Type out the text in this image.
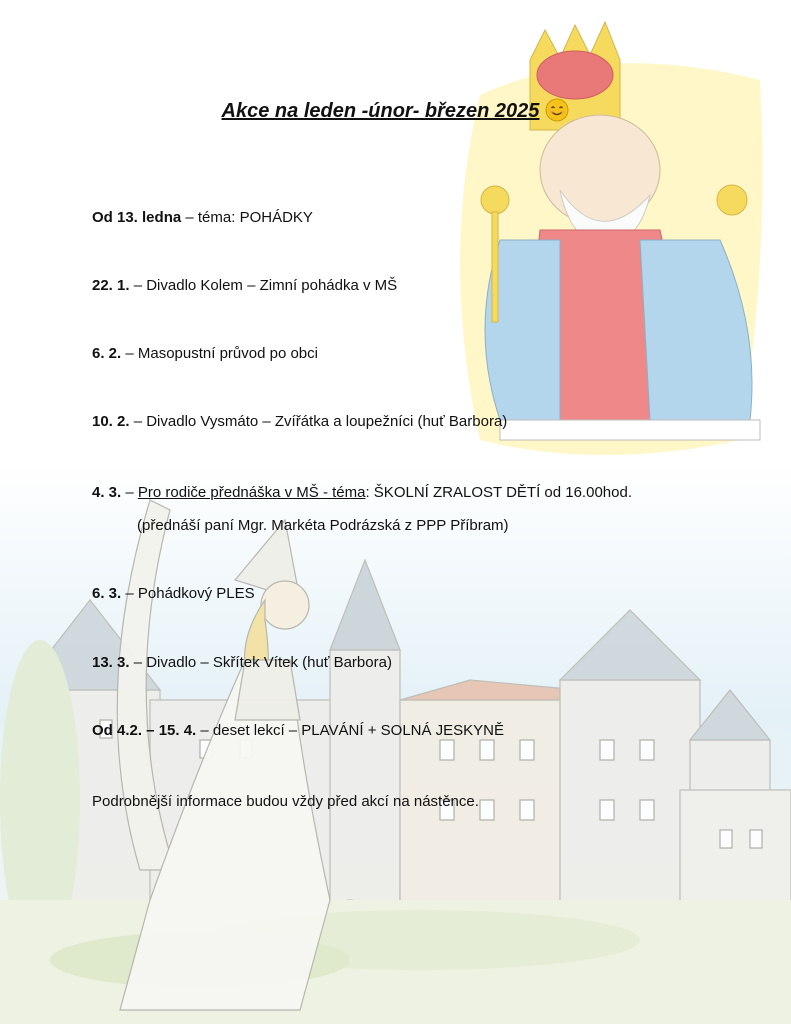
Akce na leden -únor- březen 2025
Od 13. ledna – téma: POHÁDKY
22. 1. – Divadlo Kolem – Zimní pohádka v MŠ
6. 2. – Masopustní průvod po obci
10. 2. – Divadlo Vysmáto – Zvířátka a loupežníci (huť Barbora)
4. 3. – Pro rodiče přednáška v MŠ - téma: ŠKOLNÍ ZRALOST DĚTÍ od 16.00hod.
(přednáší paní Mgr. Markéta Podrázská z PPP Příbram)
6. 3. – Pohádkový PLES
13. 3. – Divadlo – Skřítek Vítek (huť Barbora)
Od 4.2. – 15. 4. – deset lekcí – PLAVÁNÍ + SOLNÁ JESKYNĚ
Podrobnější informace budou vždy před akcí na nástěnce.
